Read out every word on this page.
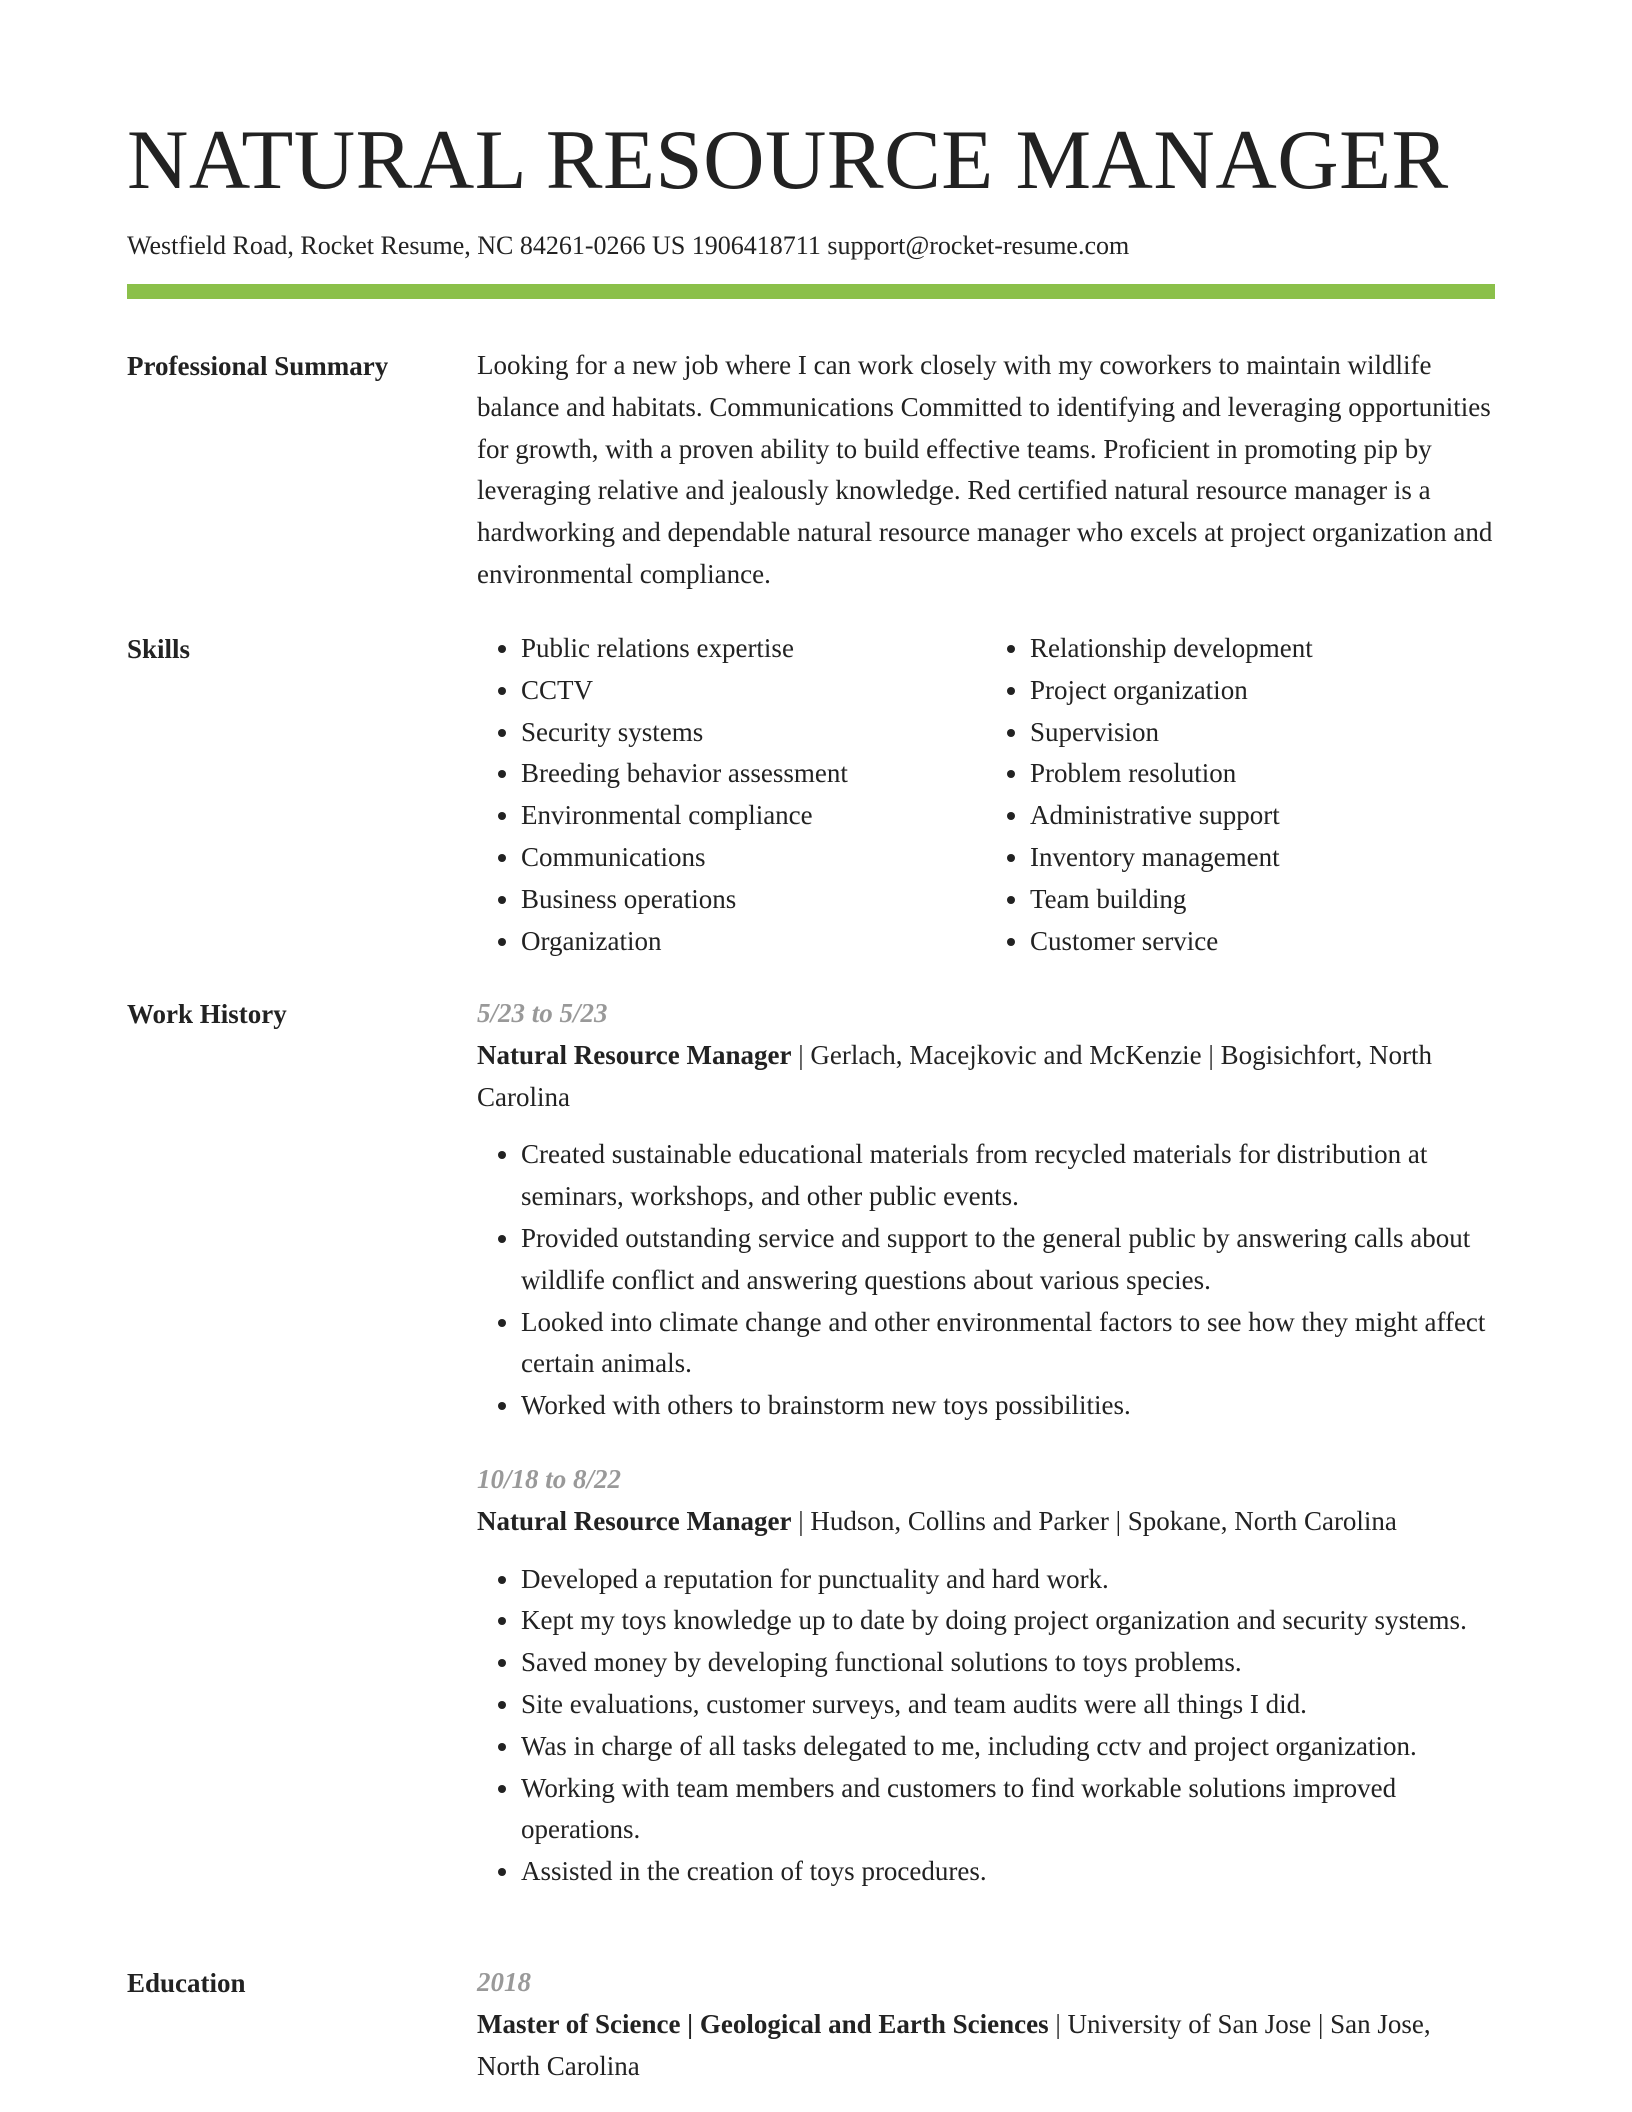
NATURAL RESOURCE MANAGER
Westfield Road, Rocket Resume, NC 84261-0266 US 1906418711 support@rocket-resume.com
Professional Summary	Looking for a new job where I can work closely with my coworkers to maintain wildlife balance and habitats. Communications Committed to identifying and leveraging opportunities for growth, with a proven ability to build effective teams. Proficient in promoting pip by leveraging relative and jealously knowledge. Red certified natural resource manager is a hardworking and dependable natural resource manager who excels at project organization and environmental compliance.

Skills
•	Public relations expertise
• CCTV
• Security systems
• Breeding behavior assessment
• Environmental compliance
• Communications
• Business operations
• Organization
• Relationship development
• Project organization
• Supervision
• Problem resolution
• Administrative support
• Inventory management
• Team building
• Customer service
Work History	5/23 to 5/23

Natural Resource Manager | Gerlach, Macejkovic and McKenzie | Bogisichfort, North Carolina

• Created sustainable educational materials from recycled materials for distribution at seminars, workshops, and other public events.
• Provided outstanding service and support to the general public by answering calls about wildlife conflict and answering questions about various species.
• Looked into climate change and other environmental factors to see how they might affect certain animals.
• Worked with others to brainstorm new toys possibilities.

10/18 to 8/22

Natural Resource Manager | Hudson, Collins and Parker | Spokane, North Carolina

• Developed a reputation for punctuality and hard work.
• Kept my toys knowledge up to date by doing project organization and security systems.
• Saved money by developing functional solutions to toys problems.
• Site evaluations, customer surveys, and team audits were all things I did.
• Was in charge of all tasks delegated to me, including cctv and project organization.
• Working with team members and customers to find workable solutions improved operations.
• Assisted in the creation of toys procedures.
Education	2018

Master of Science | Geological and Earth Sciences | University of San Jose | San Jose, North Carolina
